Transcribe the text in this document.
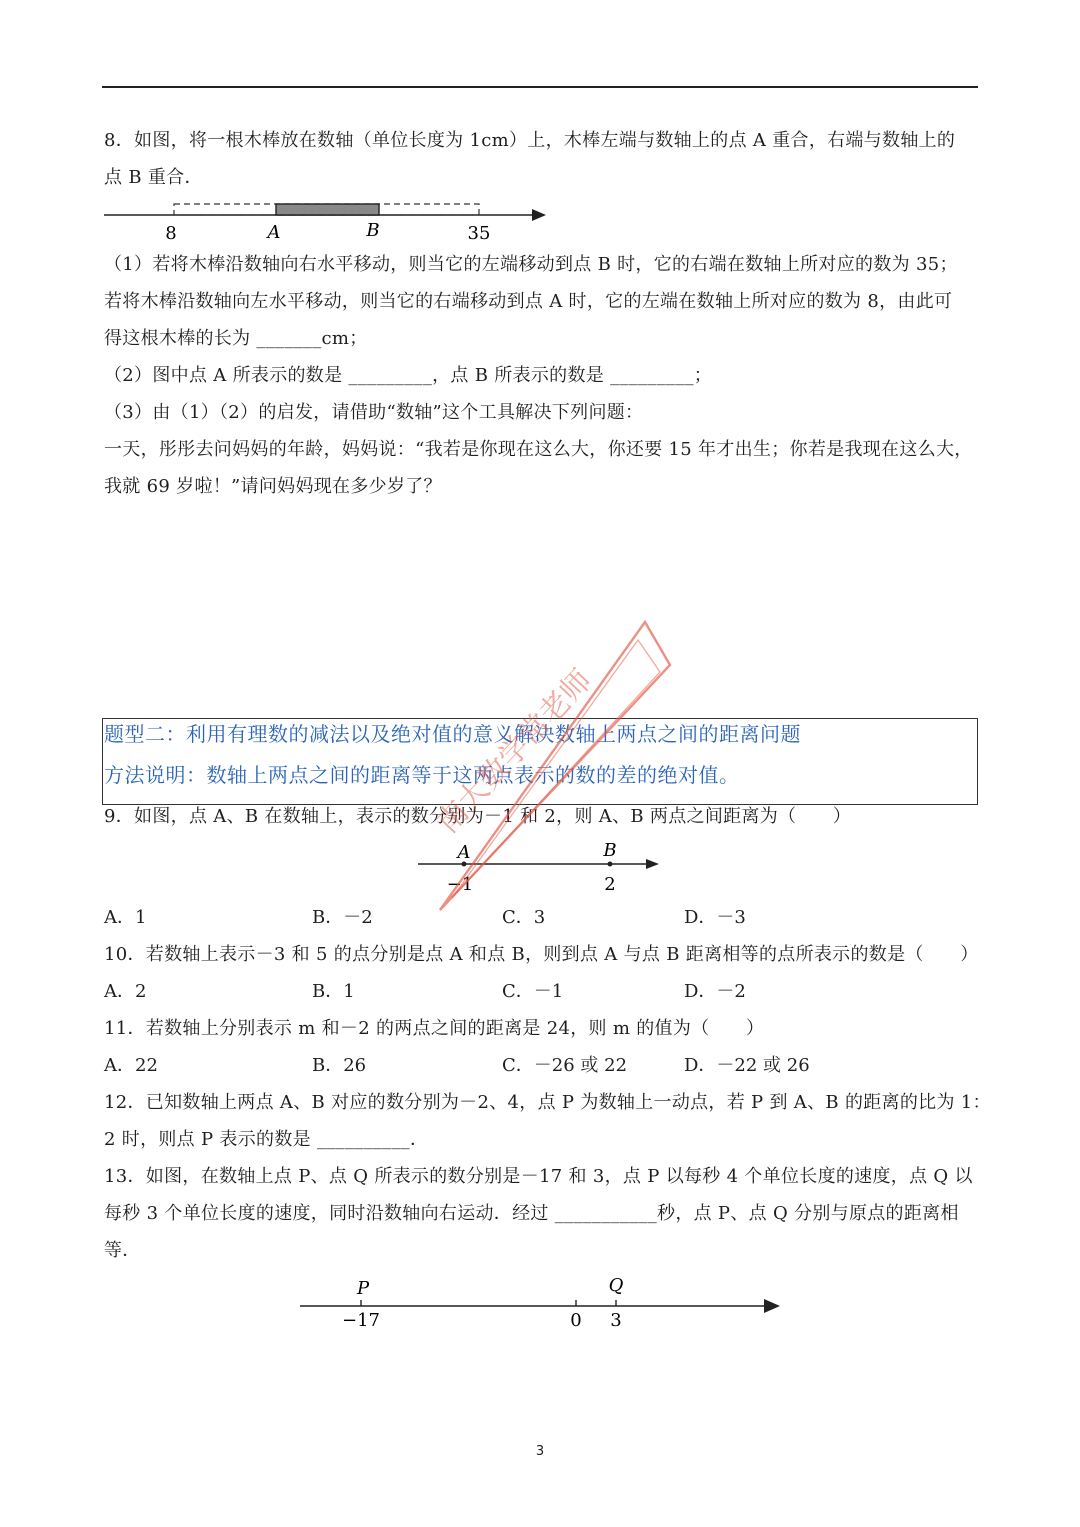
8．如图，将一根木棒放在数轴（单位长度为 1cm）上，木棒左端与数轴上的点 A 重合，右端与数轴上的
点 B 重合．
8	A	B	35
（1）若将木棒沿数轴向右水平移动，则当它的左端移动到点 B 时，它的右端在数轴上所对应的数为 35；
若将木棒沿数轴向左水平移动，则当它的右端移动到点 A 时，它的左端在数轴上所对应的数为 8，由此可
得这根木棒的长为 _______cm；
（2）图中点 A 所表示的数是 _________，点 B 所表示的数是 _________；
（3）由（1）（2）的启发，请借助“数轴”这个工具解决下列问题：
一天，彤彤去问妈妈的年龄，妈妈说：“我若是你现在这么大，你还要 15 年才出生；你若是我现在这么大，
我就 69 岁啦！”请问妈妈现在多少岁了？
题型二：利用有理数的减法以及绝对值的意义解决数轴上两点之间的距离问题
方法说明：数轴上两点之间的距离等于这两点表示的数的差的绝对值。
9．如图，点 A、B 在数轴上，表示的数分别为－1 和 2，则 A、B 两点之间距离为（　　）
A	B
−1	2
A．1	B．－2	C．3	D．－3
10．若数轴上表示－3 和 5 的点分别是点 A 和点 B，则到点 A 与点 B 距离相等的点所表示的数是（　　）
A．2	B．1	C．－1	D．－2
11．若数轴上分别表示 m 和－2 的两点之间的距离是 24，则 m 的值为（　　）
A．22	B．26	C．－26 或 22	D．－22 或 26
12．已知数轴上两点 A、B 对应的数分别为－2、4，点 P 为数轴上一动点，若 P 到 A、B 的距离的比为 1：
2 时，则点 P 表示的数是 __________．
13．如图，在数轴上点 P、点 Q 所表示的数分别是－17 和 3，点 P 以每秒 4 个单位长度的速度，点 Q 以
每秒 3 个单位长度的速度，同时沿数轴向右运动．经过 ___________秒，点 P、点 Q 分别与原点的距离相
等．
P	Q
−17	0 3
南大数学常老师
3
